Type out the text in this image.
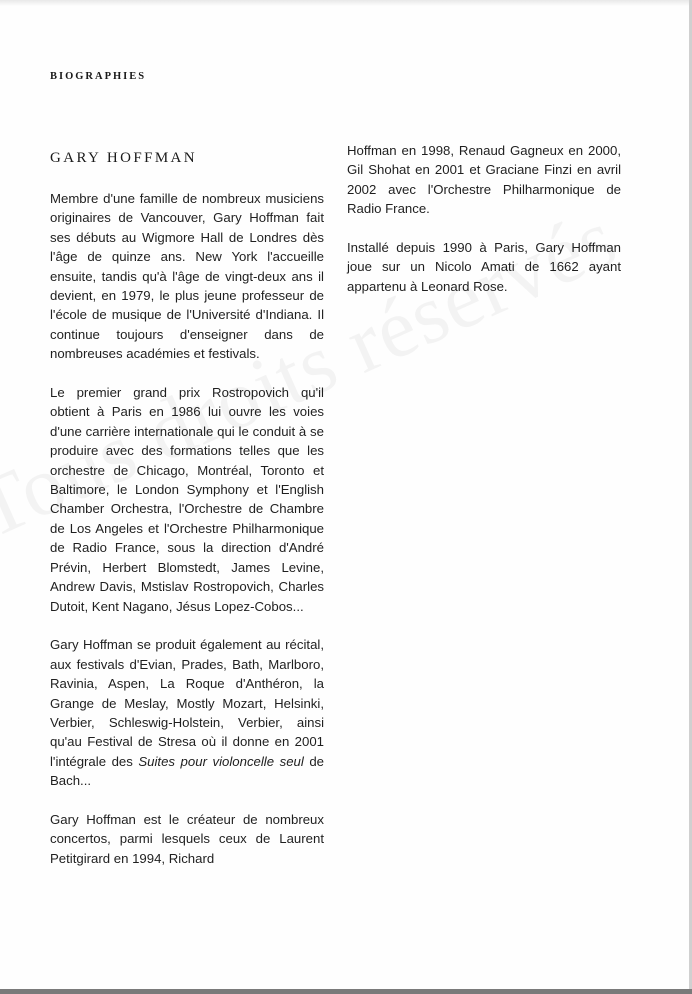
BIOGRAPHIES
GARY HOFFMAN

Membre d'une famille de nombreux musiciens originaires de Vancouver, Gary Hoffman fait ses débuts au Wigmore Hall de Londres dès l'âge de quinze ans. New York l'accueille ensuite, tandis qu'à l'âge de vingt-deux ans il devient, en 1979, le plus jeune professeur de l'école de musique de l'Université d'Indiana. Il continue toujours d'enseigner dans de nombreuses académies et festivals.

Le premier grand prix Rostropovich qu'il obtient à Paris en 1986 lui ouvre les voies d'une carrière internationale qui le conduit à se produire avec des formations telles que les orchestre de Chicago, Montréal, Toronto et Baltimore, le London Symphony et l'English Chamber Orchestra, l'Orchestre de Chambre de Los Angeles et l'Orchestre Philharmonique de Radio France, sous la direction d'André Prévin, Herbert Blomstedt, James Levine, Andrew Davis, Mstislav Rostropovich, Charles Dutoit, Kent Nagano, Jésus Lopez-Cobos...

Gary Hoffman se produit également au récital, aux festivals d'Evian, Prades, Bath, Marlboro, Ravinia, Aspen, La Roque d'Anthéron, la Grange de Meslay, Mostly Mozart, Helsinki, Verbier, Schleswig-Holstein, Verbier, ainsi qu'au Festival de Stresa où il donne en 2001 l'intégrale des Suites pour violoncelle seul de Bach...

Gary Hoffman est le créateur de nombreux concertos, parmi lesquels ceux de Laurent Petitgirard en 1994, Richard

Hoffman en 1998, Renaud Gagneux en 2000, Gil Shohat en 2001 et Graciane Finzi en avril 2002 avec l'Orchestre Philharmonique de Radio France.

Installé depuis 1990 à Paris, Gary Hoffman joue sur un Nicolo Amati de 1662 ayant appartenu à Leonard Rose.
